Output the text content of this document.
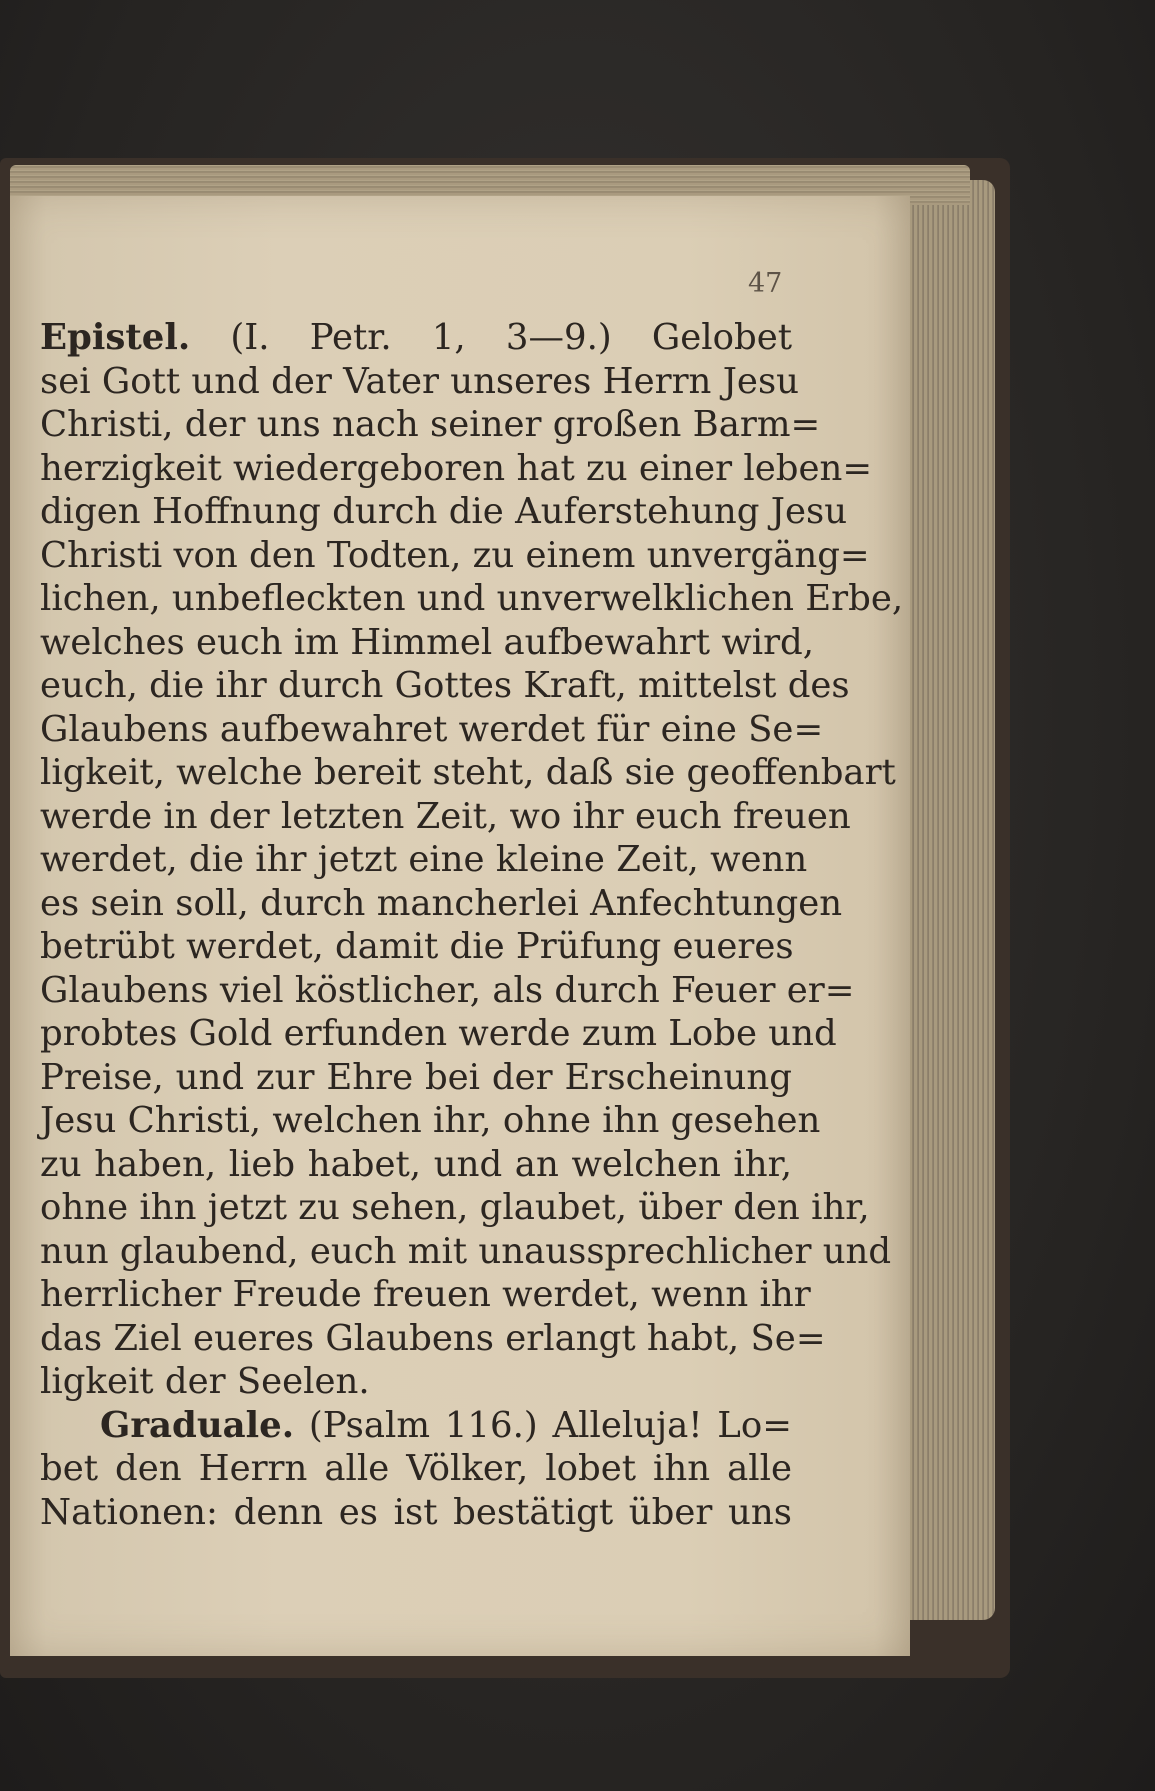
47
Epistel. (I. Petr. 1, 3—9.) Gelobet
sei Gott und der Vater unseres Herrn Jesu
Christi, der uns nach seiner großen Barm=
herzigkeit wiedergeboren hat zu einer leben=
digen Hoffnung durch die Auferstehung Jesu
Christi von den Todten, zu einem unvergäng=
lichen, unbefleckten und unverwelklichen Erbe,
welches euch im Himmel aufbewahrt wird,
euch, die ihr durch Gottes Kraft, mittelst des
Glaubens aufbewahret werdet für eine Se=
ligkeit, welche bereit steht, daß sie geoffenbart
werde in der letzten Zeit, wo ihr euch freuen
werdet, die ihr jetzt eine kleine Zeit, wenn
es sein soll, durch mancherlei Anfechtungen
betrübt werdet, damit die Prüfung eueres
Glaubens viel köstlicher, als durch Feuer er=
probtes Gold erfunden werde zum Lobe und
Preise, und zur Ehre bei der Erscheinung
Jesu Christi, welchen ihr, ohne ihn gesehen
zu haben, lieb habet, und an welchen ihr,
ohne ihn jetzt zu sehen, glaubet, über den ihr,
nun glaubend, euch mit unaussprechlicher und
herrlicher Freude freuen werdet, wenn ihr
das Ziel eueres Glaubens erlangt habt, Se=
ligkeit der Seelen.
Graduale. (Psalm 116.) Alleluja! Lo=
bet den Herrn alle Völker, lobet ihn alle
Nationen: denn es ist bestätigt über uns
